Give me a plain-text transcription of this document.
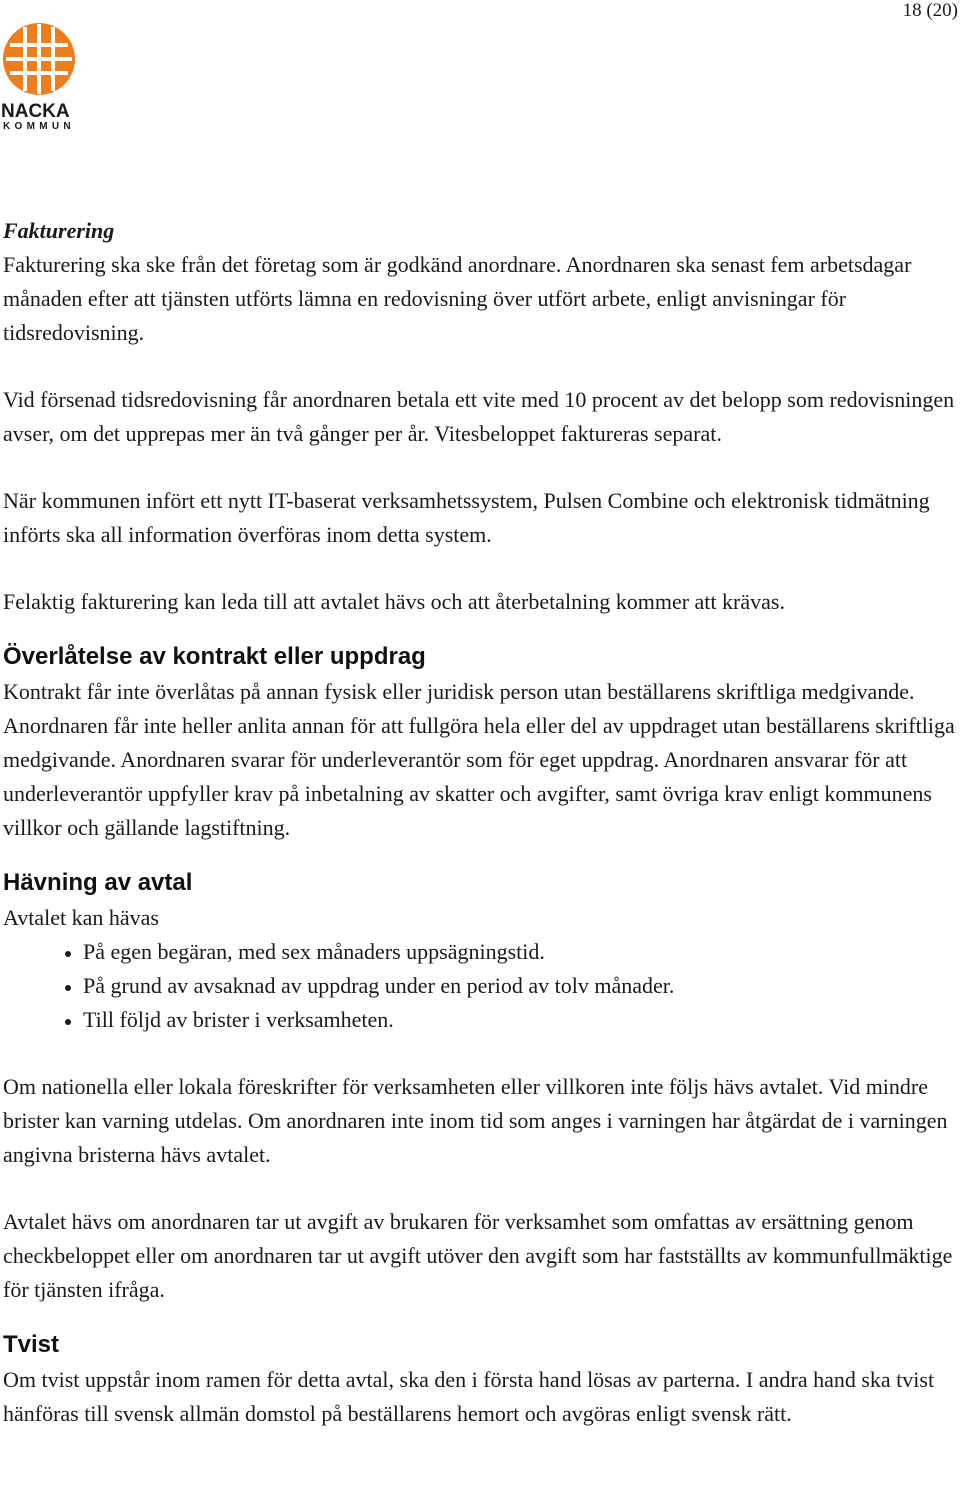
18 (20)
NACKA
KOMMUN
Fakturering

Fakturering ska ske från det företag som är godkänd anordnare. Anordnaren ska senast fem arbetsdagar månaden efter att tjänsten utförts lämna en redovisning över utfört arbete, enligt anvisningar för tidsredovisning.

Vid försenad tidsredovisning får anordnaren betala ett vite med 10 procent av det belopp som redovisningen avser, om det upprepas mer än två gånger per år. Vitesbeloppet faktureras separat.

När kommunen infört ett nytt IT-baserat verksamhetssystem, Pulsen Combine och elektronisk tidmätning införts ska all information överföras inom detta system.

Felaktig fakturering kan leda till att avtalet hävs och att återbetalning kommer att krävas.

Överlåtelse av kontrakt eller uppdrag

Kontrakt får inte överlåtas på annan fysisk eller juridisk person utan beställarens skriftliga medgivande. Anordnaren får inte heller anlita annan för att fullgöra hela eller del av uppdraget utan beställarens skriftliga medgivande. Anordnaren svarar för underleverantör som för eget uppdrag. Anordnaren ansvarar för att underleverantör uppfyller krav på inbetalning av skatter och avgifter, samt övriga krav enligt kommunens villkor och gällande lagstiftning.

Hävning av avtal

Avtalet kan hävas

• På egen begäran, med sex månaders uppsägningstid.
• På grund av avsaknad av uppdrag under en period av tolv månader.
• Till följd av brister i verksamheten.

Om nationella eller lokala föreskrifter för verksamheten eller villkoren inte följs hävs avtalet. Vid mindre brister kan varning utdelas. Om anordnaren inte inom tid som anges i varningen har åtgärdat de i varningen angivna bristerna hävs avtalet.

Avtalet hävs om anordnaren tar ut avgift av brukaren för verksamhet som omfattas av ersättning genom checkbeloppet eller om anordnaren tar ut avgift utöver den avgift som har fastställts av kommunfullmäktige för tjänsten ifråga.

Tvist

Om tvist uppstår inom ramen för detta avtal, ska den i första hand lösas av parterna. I andra hand ska tvist hänföras till svensk allmän domstol på beställarens hemort och avgöras enligt svensk rätt.
